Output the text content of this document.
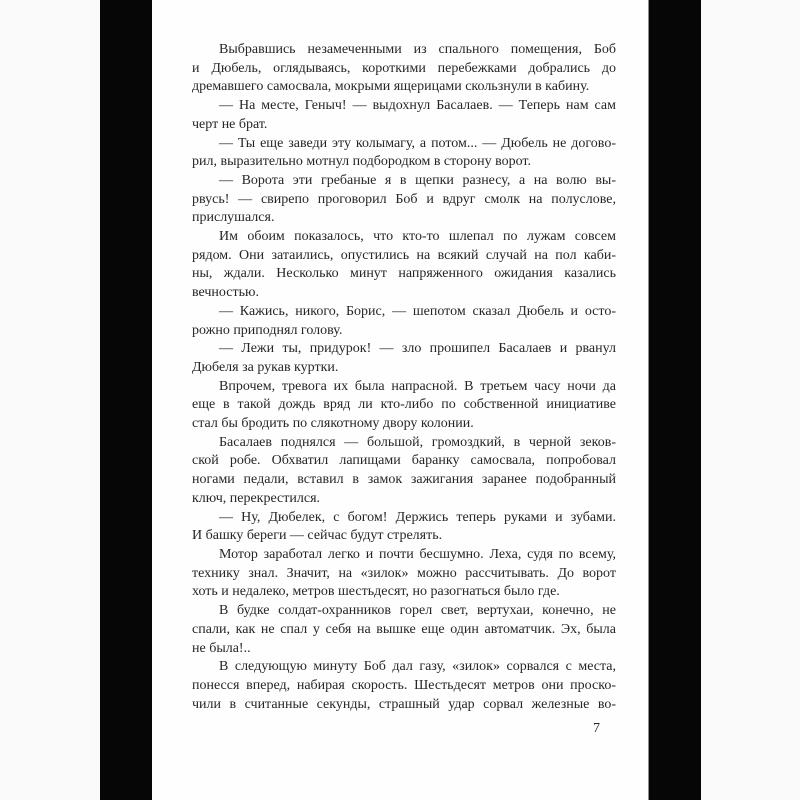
Выбравшись незамеченными из спального помещения, Боб
и Дюбель, оглядываясь, короткими перебежками добрались до
дремавшего самосвала, мокрыми ящерицами скользнули в кабину.
— На месте, Геныч! — выдохнул Басалаев. — Теперь нам сам
черт не брат.
— Ты еще заведи эту колымагу, а потом... — Дюбель не догово-
рил, выразительно мотнул подбородком в сторону ворот.
— Ворота эти гребаные я в щепки разнесу, а на волю вы-
рвусь! — свирепо проговорил Боб и вдруг смолк на полуслове,
прислушался.
Им обоим показалось, что кто-то шлепал по лужам совсем
рядом. Они затаились, опустились на всякий случай на пол каби-
ны, ждали. Несколько минут напряженного ожидания казались
вечностью.
— Кажись, никого, Борис, — шепотом сказал Дюбель и осто-
рожно приподнял голову.
— Лежи ты, придурок! — зло прошипел Басалаев и рванул
Дюбеля за рукав куртки.
Впрочем, тревога их была напрасной. В третьем часу ночи да
еще в такой дождь вряд ли кто-либо по собственной инициативе
стал бы бродить по слякотному двору колонии.
Басалаев поднялся — большой, громоздкий, в черной зеков-
ской робе. Обхватил лапищами баранку самосвала, попробовал
ногами педали, вставил в замок зажигания заранее подобранный
ключ, перекрестился.
— Ну, Дюбелек, с богом! Держись теперь руками и зубами.
И башку береги — сейчас будут стрелять.
Мотор заработал легко и почти бесшумно. Леха, судя по всему,
технику знал. Значит, на «зилок» можно рассчитывать. До ворот
хоть и недалеко, метров шестьдесят, но разогнаться было где.
В будке солдат-охранников горел свет, вертухаи, конечно, не
спали, как не спал у себя на вышке еще один автоматчик. Эх, была
не была!..
В следующую минуту Боб дал газу, «зилок» сорвался с места,
понесся вперед, набирая скорость. Шестьдесят метров они проско-
чили в считанные секунды, страшный удар сорвал железные во-
7
